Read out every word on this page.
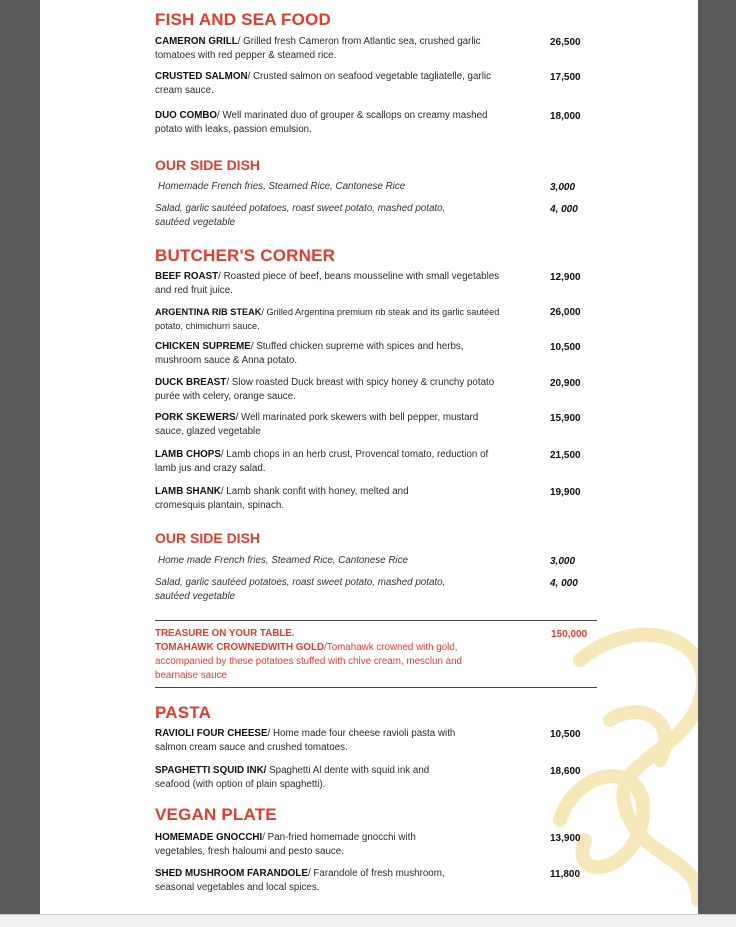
FISH AND SEA FOOD
CAMERON GRILL/ Grilled fresh Cameron from Atlantic sea, crushed garlic tomatoes with red pepper & steamed rice.
26,500
CRUSTED SALMON/ Crusted salmon on seafood vegetable tagliatelle, garlic cream sauce.
17,500
DUO COMBO/ Well marinated duo of grouper & scallops on creamy mashed potato with leaks, passion emulsion.
18,000
OUR SIDE DISH
Homemade French fries, Steamed Rice, Cantonese Rice	3,000
Salad, garlic sautéed potatoes, roast sweet potato, mashed potato, sautéed vegetable
4, 000
BUTCHER'S CORNER
BEEF ROAST/ Roasted piece of beef, beans mousseline with small vegetables and red fruit juice.
12,900
ARGENTINA RIB STEAK/ Grilled Argentina premium rib steak and its garlic sautéed potato, chimichurri sauce.
26,000
CHICKEN SUPREME/ Stuffed chicken supreme with spices and herbs, mushroom sauce & Anna potato.
10,500
DUCK BREAST/ Slow roasted Duck breast with spicy honey & crunchy potato purée with celery, orange sauce.
20,900
PORK SKEWERS/ Well marinated pork skewers with bell pepper, mustard sauce, glazed vegetable
15,900
LAMB CHOPS/ Lamb chops in an herb crust, Provencal tomato, reduction of lamb jus and crazy salad.
21,500
LAMB SHANK/ Lamb shank confit with honey, melted and cromesquis plantain, spinach.
19,900
OUR SIDE DISH
Home made French fries, Steamed Rice, Cantonese Rice	3,000
Salad, garlic sautéed potatoes, roast sweet potato, mashed potato, sautéed vegetable
4, 000
TREASURE ON YOUR TABLE.
TOMAHAWK CROWNEDWITH GOLD/Tomahawk crowned with gold, accompanied by these potatoes stuffed with chive cream, mesclun and bearnaise sauce
150,000
PASTA
RAVIOLI FOUR CHEESE/ Home made four cheese ravioli pasta with salmon cream sauce and crushed tomatoes.
10,500
SPAGHETTI SQUID INK/ Spaghetti Al dente with squid ink and seafood (with option of plain spaghetti).
18,600
VEGAN PLATE
HOMEMADE GNOCCHI/ Pan-fried homemade gnocchi with vegetables, fresh haloumi and pesto sauce.
13,900
SHED MUSHROOM FARANDOLE/ Farandole of fresh mushroom, seasonal vegetables and local spices.
11,800
